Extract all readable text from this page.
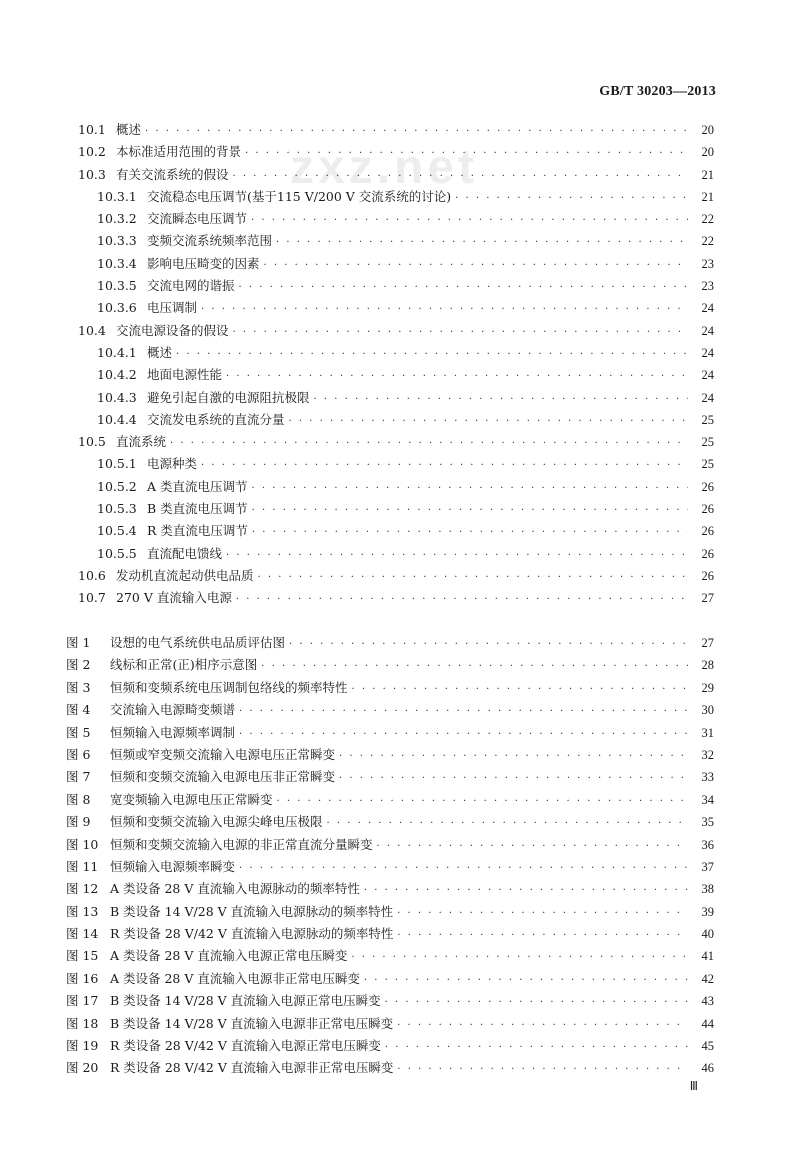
GB/T 30203—2013
zxz.net
10.1 概述 · · ·	20
10.2 本标准适用范围的背景 · · ·	20
10.3 有关交流系统的假设 · · ·	21
10.3.1 交流稳态电压调节(基于115 V/200 V 交流系统的讨论) · · ·	21
10.3.2 交流瞬态电压调节 · · ·	22
10.3.3 变频交流系统频率范围 · · ·	22
10.3.4 影响电压畸变的因素 · · ·	23
10.3.5 交流电网的谐振 · · ·	23
10.3.6 电压调制 · · ·	24
10.4 交流电源设备的假设 · · ·	24
10.4.1 概述 · · ·	24
10.4.2 地面电源性能 · · ·	24
10.4.3 避免引起自激的电源阻抗极限 · · ·	24
10.4.4 交流发电系统的直流分量 · · ·	25
10.5 直流系统 · · ·	25
10.5.1 电源种类 · · ·	25
10.5.2 A 类直流电压调节 · · ·	26
10.5.3 B 类直流电压调节 · · ·	26
10.5.4 R 类直流电压调节 · · ·	26
10.5.5 直流配电馈线 · · ·	26
10.6 发动机直流起动供电品质 · · ·	26
10.7 270 V 直流输入电源 · · ·	27
图 1	设想的电气系统供电品质评估图 · · ·	27
图 2	线标和正常(正)相序示意图 · · ·	28
图 3	恒频和变频系统电压调制包络线的频率特性 · · ·	29
图 4	交流输入电源畸变频谱 · · ·	30
图 5	恒频输入电源频率调制 · · ·	31
图 6	恒频或窄变频交流输入电源电压正常瞬变 · · ·	32
图 7	恒频和变频交流输入电源电压非正常瞬变 · · ·	33
图 8	宽变频输入电源电压正常瞬变 · · ·	34
图 9	恒频和变频交流输入电源尖峰电压极限 · · ·	35
图 10 恒频和变频交流输入电源的非正常直流分量瞬变 · · ·	36
图 11 恒频输入电源频率瞬变 · · ·	37
图 12 A 类设备 28 V 直流输入电源脉动的频率特性 · · ·	38
图 13 B 类设备 14 V/28 V 直流输入电源脉动的频率特性 · · ·	39
图 14 R 类设备 28 V/42 V 直流输入电源脉动的频率特性 · · ·	40
图 15 A 类设备 28 V 直流输入电源正常电压瞬变 · · ·	41
图 16 A 类设备 28 V 直流输入电源非正常电压瞬变 · · ·	42
图 17 B 类设备 14 V/28 V 直流输入电源正常电压瞬变 · · ·	43
图 18 B 类设备 14 V/28 V 直流输入电源非正常电压瞬变 · · ·	44
图 19 R 类设备 28 V/42 V 直流输入电源正常电压瞬变 · · ·	45
图 20 R 类设备 28 V/42 V 直流输入电源非正常电压瞬变 · · ·	46
Ⅲ
